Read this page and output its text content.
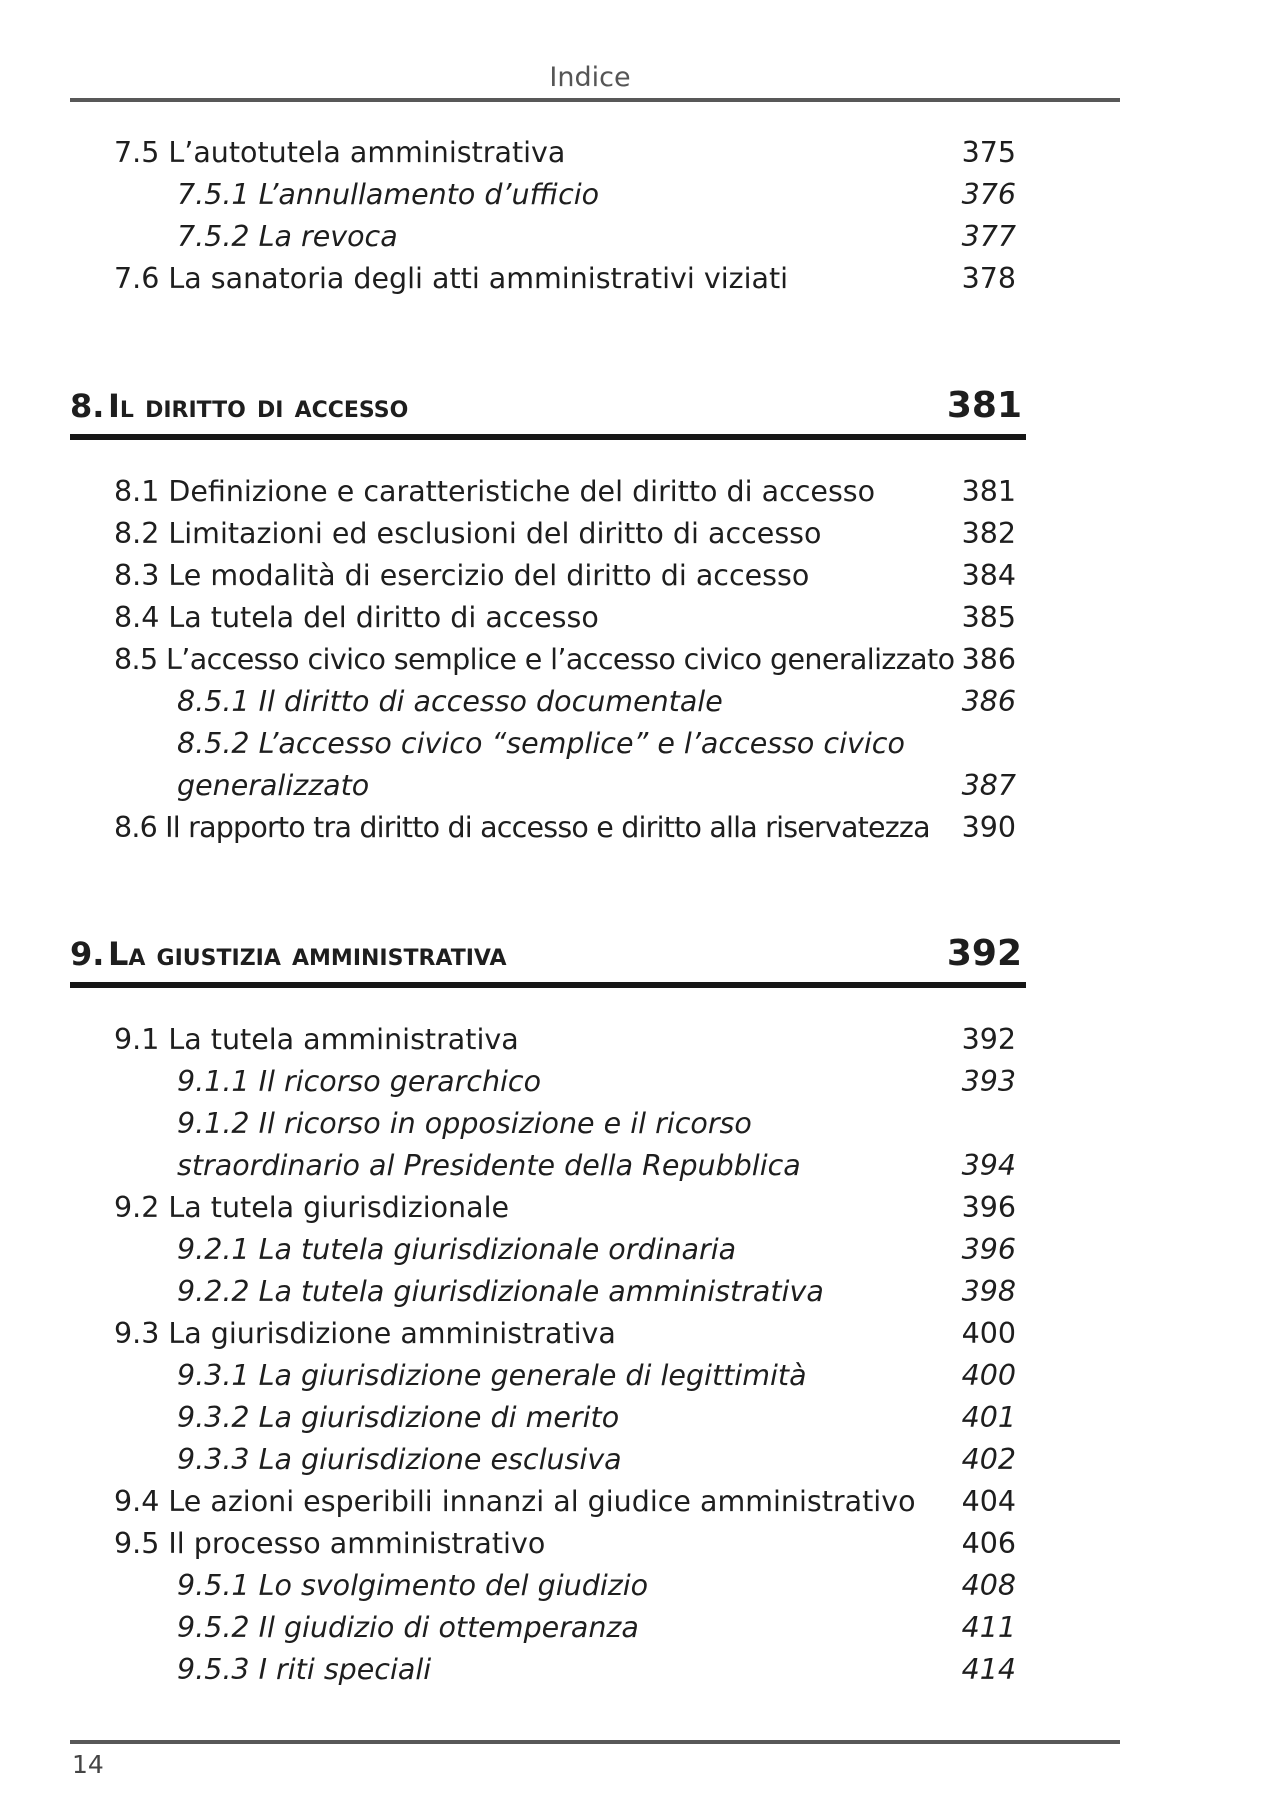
Indice
7.5 L’autotutela amministrativa	375
7.5.1 L’annullamento d’ufficio	376
7.5.2 La revoca	377
7.6 La sanatoria degli atti amministrativi viziati	378
8. Il diritto di accesso	381
8.1 Definizione e caratteristiche del diritto di accesso	381
8.2 Limitazioni ed esclusioni del diritto di accesso	382
8.3 Le modalità di esercizio del diritto di accesso	384
8.4 La tutela del diritto di accesso	385
8.5 L’accesso civico semplice e l’accesso civico generalizzato 386
8.5.1 Il diritto di accesso documentale	386
8.5.2 L’accesso civico “semplice” e l’accesso civico
generalizzato	387
8.6 Il rapporto tra diritto di accesso e diritto alla riservatezza 390
9. La giustizia amministrativa	392
9.1 La tutela amministrativa	392
9.1.1 Il ricorso gerarchico	393
9.1.2 Il ricorso in opposizione e il ricorso
straordinario al Presidente della Repubblica	394
9.2 La tutela giurisdizionale	396
9.2.1 La tutela giurisdizionale ordinaria	396
9.2.2 La tutela giurisdizionale amministrativa	398
9.3 La giurisdizione amministrativa	400
9.3.1 La giurisdizione generale di legittimità	400
9.3.2 La giurisdizione di merito	401
9.3.3 La giurisdizione esclusiva	402
9.4 Le azioni esperibili innanzi al giudice amministrativo 404
9.5 Il processo amministrativo	406
9.5.1 Lo svolgimento del giudizio	408
9.5.2 Il giudizio di ottemperanza	411
9.5.3 I riti speciali	414
14
